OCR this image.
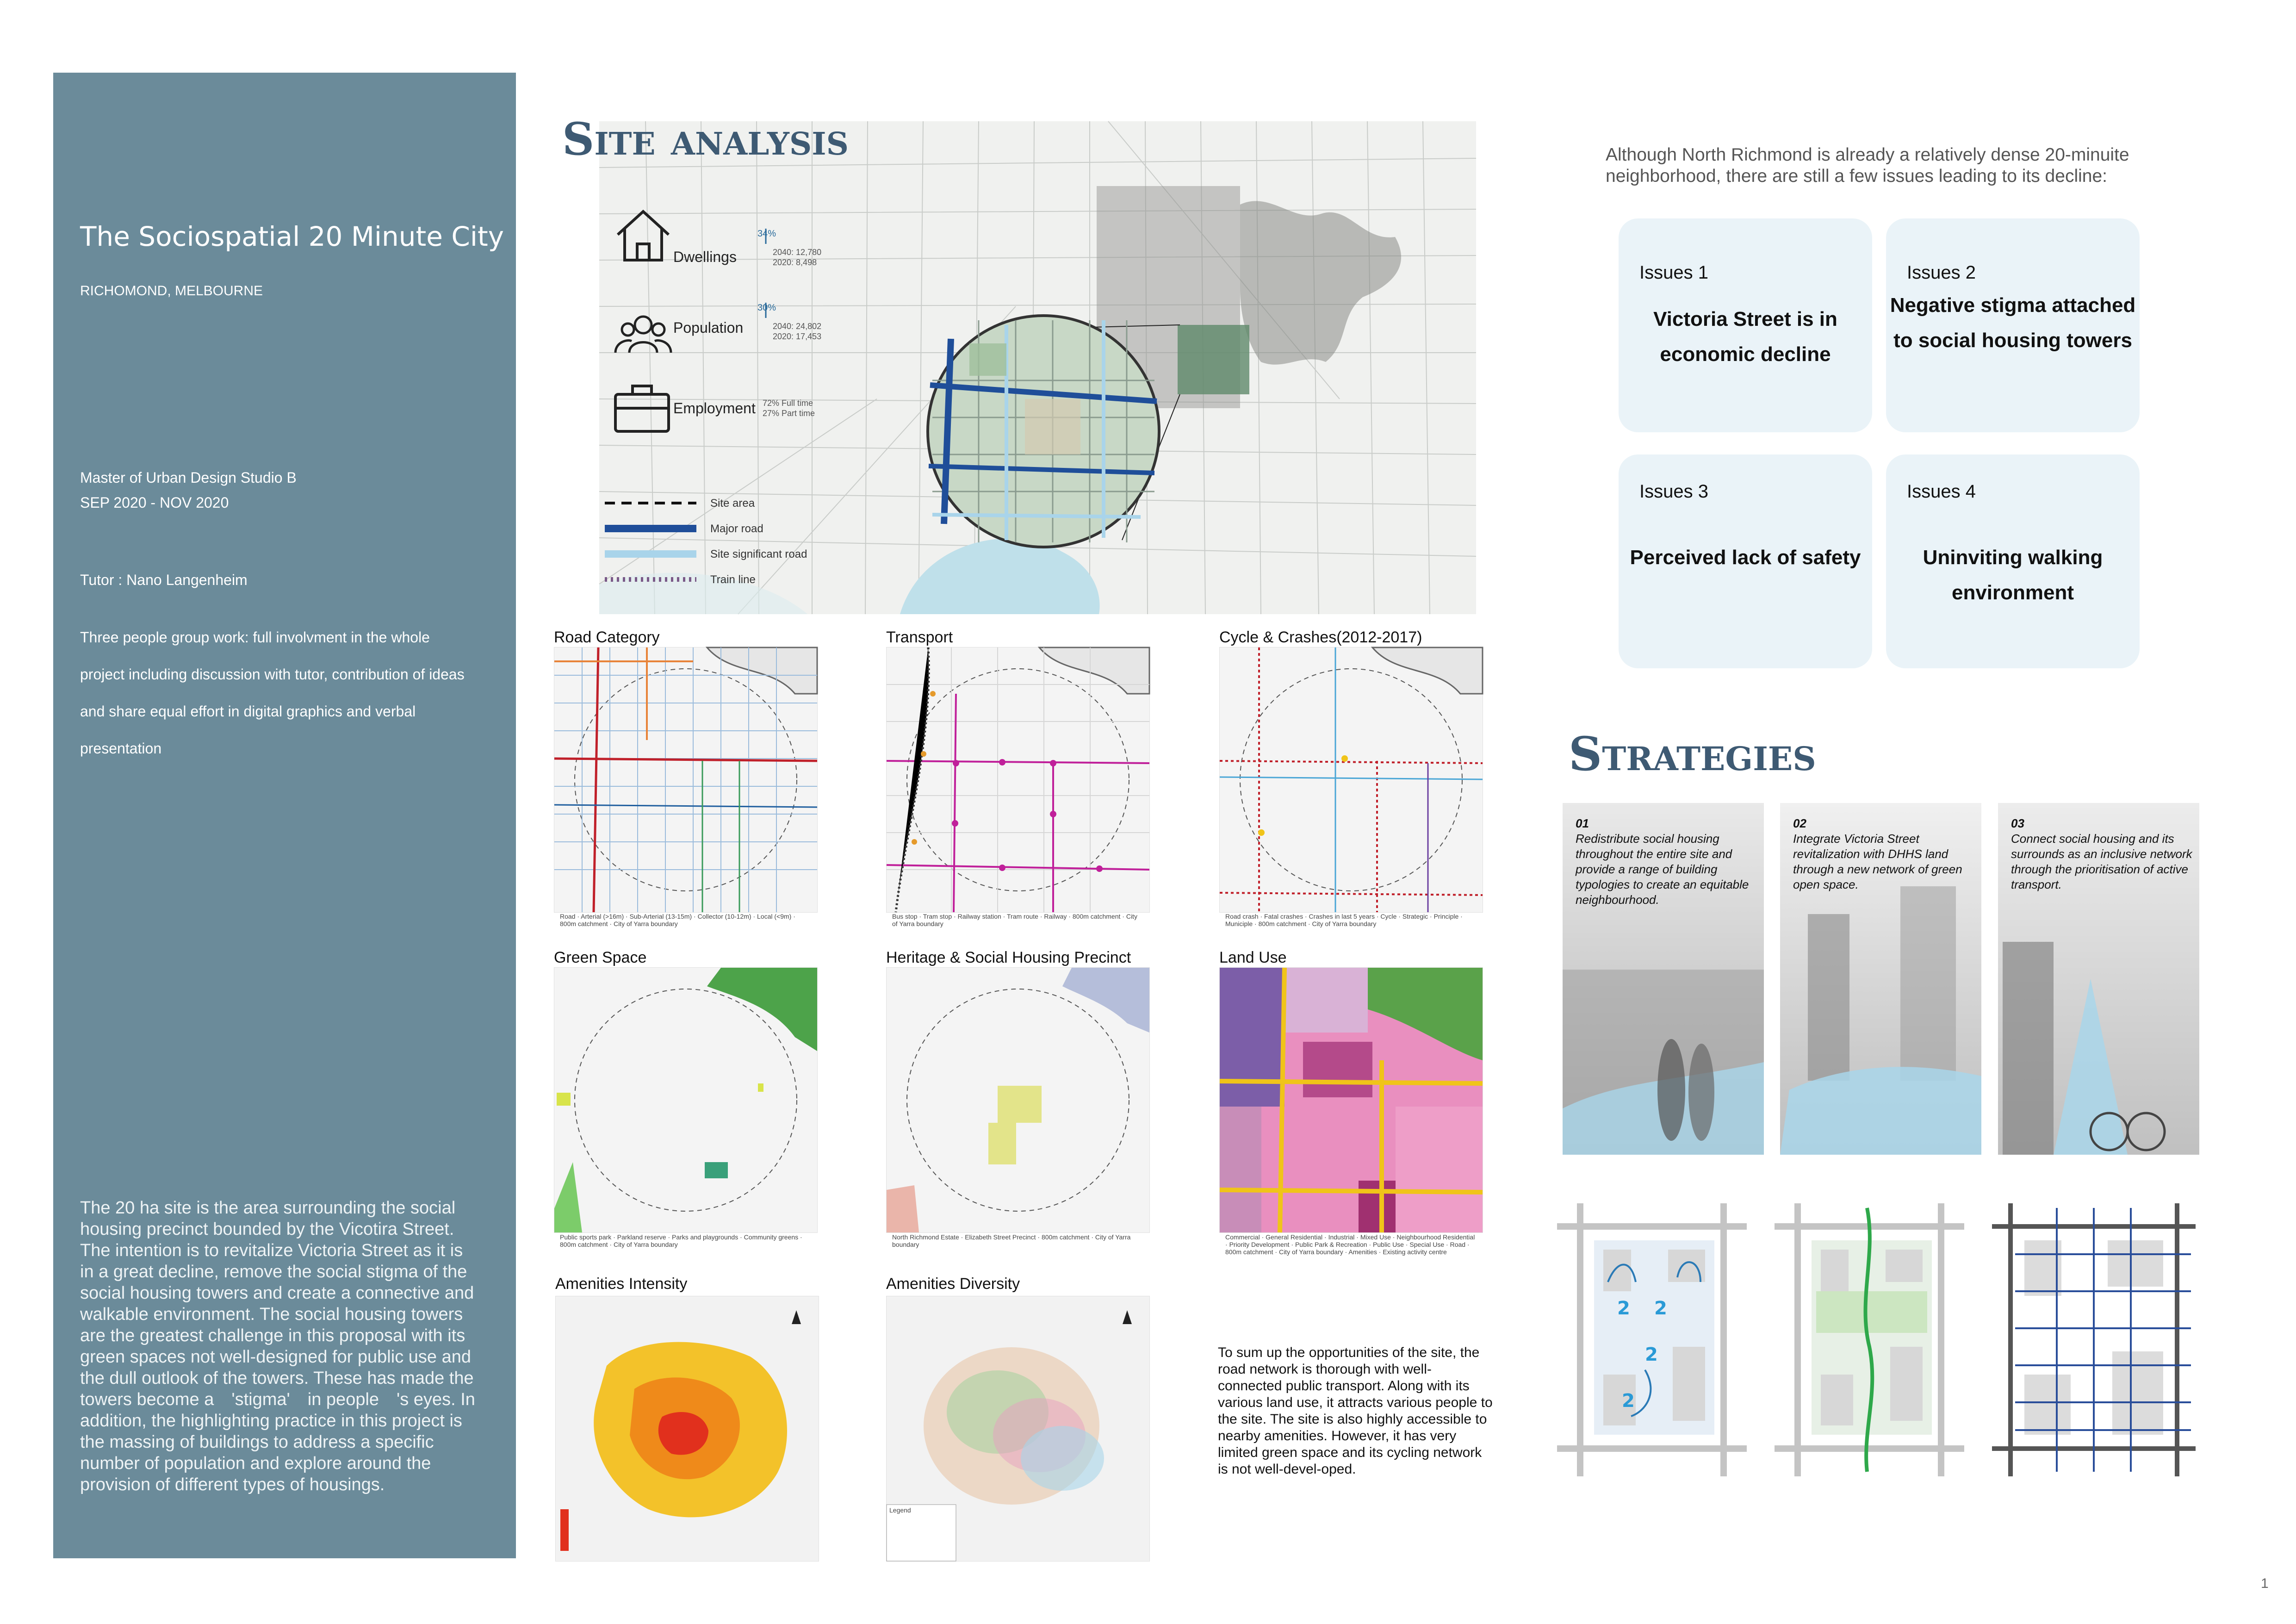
The Sociospatial 20 Minute City
RICHOMOND, MELBOURNE
Master of Urban Design Studio B
SEP 2020 - NOV 2020
Tutor : Nano Langenheim
Three people group work: full involvment in the whole project including discussion with tutor, contribution of ideas and share equal effort in digital graphics and verbal presentation
The 20 ha site is the area surrounding the social housing precinct bounded by the Vicotira Street. The intention is to revitalize Victoria Street as it is in a great decline, remove the social stigma of the social housing towers and create a connective and walkable environment. The social housing towers are the greatest challenge in this proposal with its green spaces not well-designed for public use and the dull outlook of the towers. These has made the towers become a　'stigma'　in people　's eyes. In addition, the highlighting practice in this project is the massing of buildings to address a specific number of population and explore around the provision of different types of housings.
Site analysis
Dwellings
34%
2040: 12,780
2020: 8,498
Population
30%
2040: 24,802
2020: 17,453
Employment 72% Full time
27% Part time
Site area
Major road
Site significant road
Train line
Although North Richmond is already a relatively dense 20-minuite neighborhood, there are still a few issues leading to its decline:
Issues 1
Victoria Street is in economic decline
Issues 2
Negative stigma attached to social housing towers
Issues 3
Perceived lack of safety
Issues 4
Uninviting walking environment
Road Category
Road · Arterial (>16m) · Sub-Arterial (13-15m) · Collector (10-12m) · Local (<9m) · 800m catchment · City of Yarra boundary
Transport
Bus stop · Tram stop · Railway station · Tram route · Railway · 800m catchment · City of Yarra boundary
Cycle & Crashes(2012-2017)
Road crash · Fatal crashes · Crashes in last 5 years · Cycle · Strategic · Principle · Municiple · 800m catchment · City of Yarra boundary
Green Space
Public sports park · Parkland reserve · Parks and playgrounds · Community greens · 800m catchment · City of Yarra boundary
Heritage & Social Housing Precinct
North Richmond Estate · Elizabeth Street Precinct · 800m catchment · City of Yarra boundary
Land Use
Commercial · General Residential · Industrial · Mixed Use · Neighbourhood Residential · Priority Development · Public Park & Recreation · Public Use · Special Use · Road · 800m catchment · City of Yarra boundary · Amenities · Existing activity centre
Amenities Intensity	Amenities Diversity
Legend
To sum up the opportunities of the site, the road network is thorough with well-connected public transport. Along with its various land use, it attracts various people to the site. The site is also highly accessible to nearby amenities. However, it has very limited green space and its cycling network is not well-devel-oped.
Strategies
01
Redistribute social housing throughout the entire site and provide a range of building typologies to create an equitable neighbourhood.
02
Integrate Victoria Street revitalization with DHHS land through a new network of green open space.
03
Connect social housing and its surrounds as an inclusive network through the prioritisation of active transport.
2 2
2
2
1
